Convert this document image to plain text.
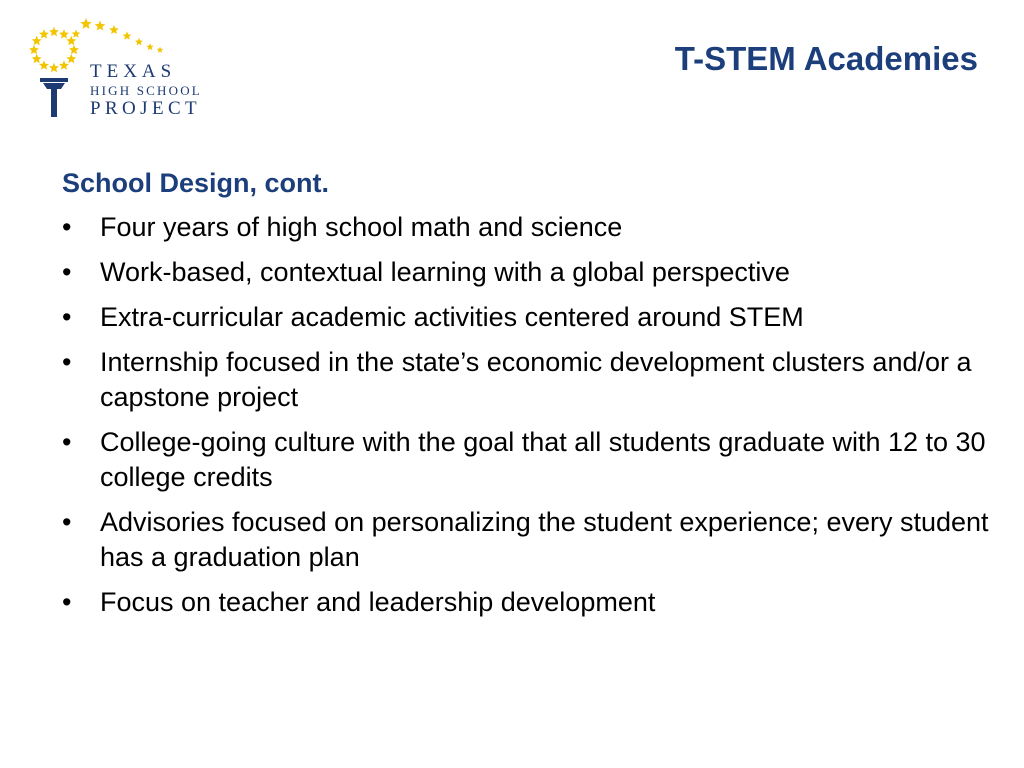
TEXAS
HIGH SCHOOL
PROJECT
T-STEM Academies
School Design, cont.
•	Four years of high school math and science
•	Work-based, contextual learning with a global perspective
•	Extra-curricular academic activities centered around STEM
•	Internship focused in the state’s economic development clusters and/or a capstone project
•	College-going culture with the goal that all students graduate with 12 to 30 college credits
•	Advisories focused on personalizing the student experience; every student has a graduation plan
•	Focus on teacher and leadership development
